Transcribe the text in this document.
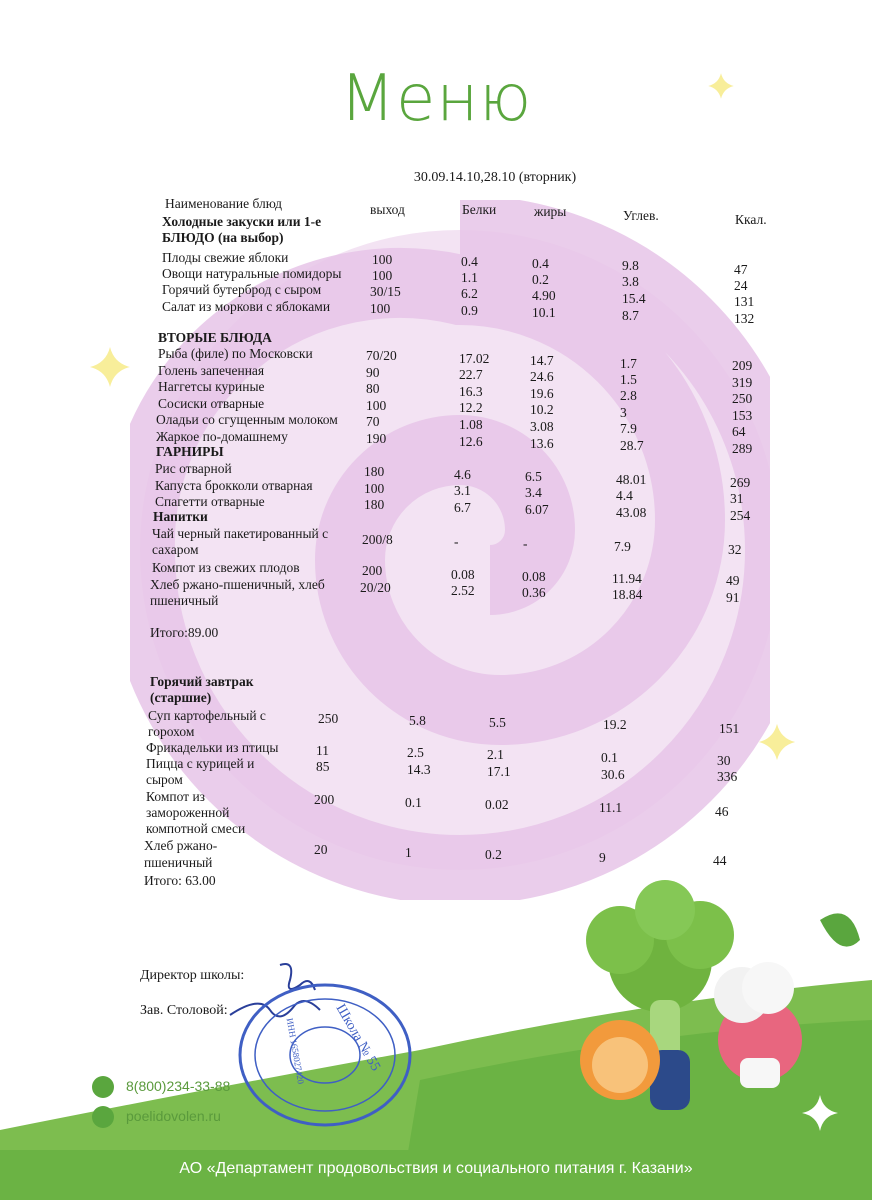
Меню
30.09.14.10,28.10 (вторник)
Наименование блюд	выход	Белки	жиры	Углев.	Ккал.
Холодные закуски или 1-е БЛЮДО (на выбор)
Плоды свежие яблоки	100	0.4	0.4	9.8	47
Овощи натуральные помидоры 100	1.1	0.2	3.8	24
Горячий бутерброд с сыром	30/15	6.2	4.90	15.4	131
Салат из моркови с яблоками	100	0.9	10.1	8.7	132
ВТОРЫЕ БЛЮДА
Рыба (филе) по Московски	70/20	17.02	14.7	1.7	209
Голень запеченная	90	22.7	24.6	1.5	319
Наггетсы куриные	80	16.3	19.6	2.8	250
Сосиски отварные	100	12.2	10.2	3	153
Оладьи со сгущенным молоком 70	1.08	3.08	7.9	64
Жаркое по-домашнему	190	12.6	13.6	28.7	289
ГАРНИРЫ
Рис отварной	180	4.6	6.5	48.01	269
Капуста брокколи отварная	100	3.1	3.4	4.4	31
Спагетти отварные	180	6.7	6.07	43.08	254
Напитки
Чай черный пакетированный с
сахаром
200/8	-	-	7.9	32
Компот из свежих плодов	200	0.08	0.08	11.94	49
Хлеб ржано-пшеничный, хлеб
пшеничный
20/20	2.52	0.36	18.84	91
Итого:89.00
Горячий завтрак (старшие)
Суп картофельный с
горохом
250	5.8	5.5	19.2	151
Фрикадельки из птицы	11	2.5	2.1	0.1	30
Пицца с курицей и
сыром
85	14.3	17.1	30.6	336
Компот из
замороженной
компотной смеси
200	0.1	0.02	11.1	46
Хлеб ржано-
пшеничный
20	1	0.2	9	44
Итого: 63.00
Директор школы:
Зав. Столовой:	Школа № 55
ИНН 1658027420
8(800)234-33-88
poelidovolen.ru
АО «Департамент продовольствия и социального питания г. Казани»
